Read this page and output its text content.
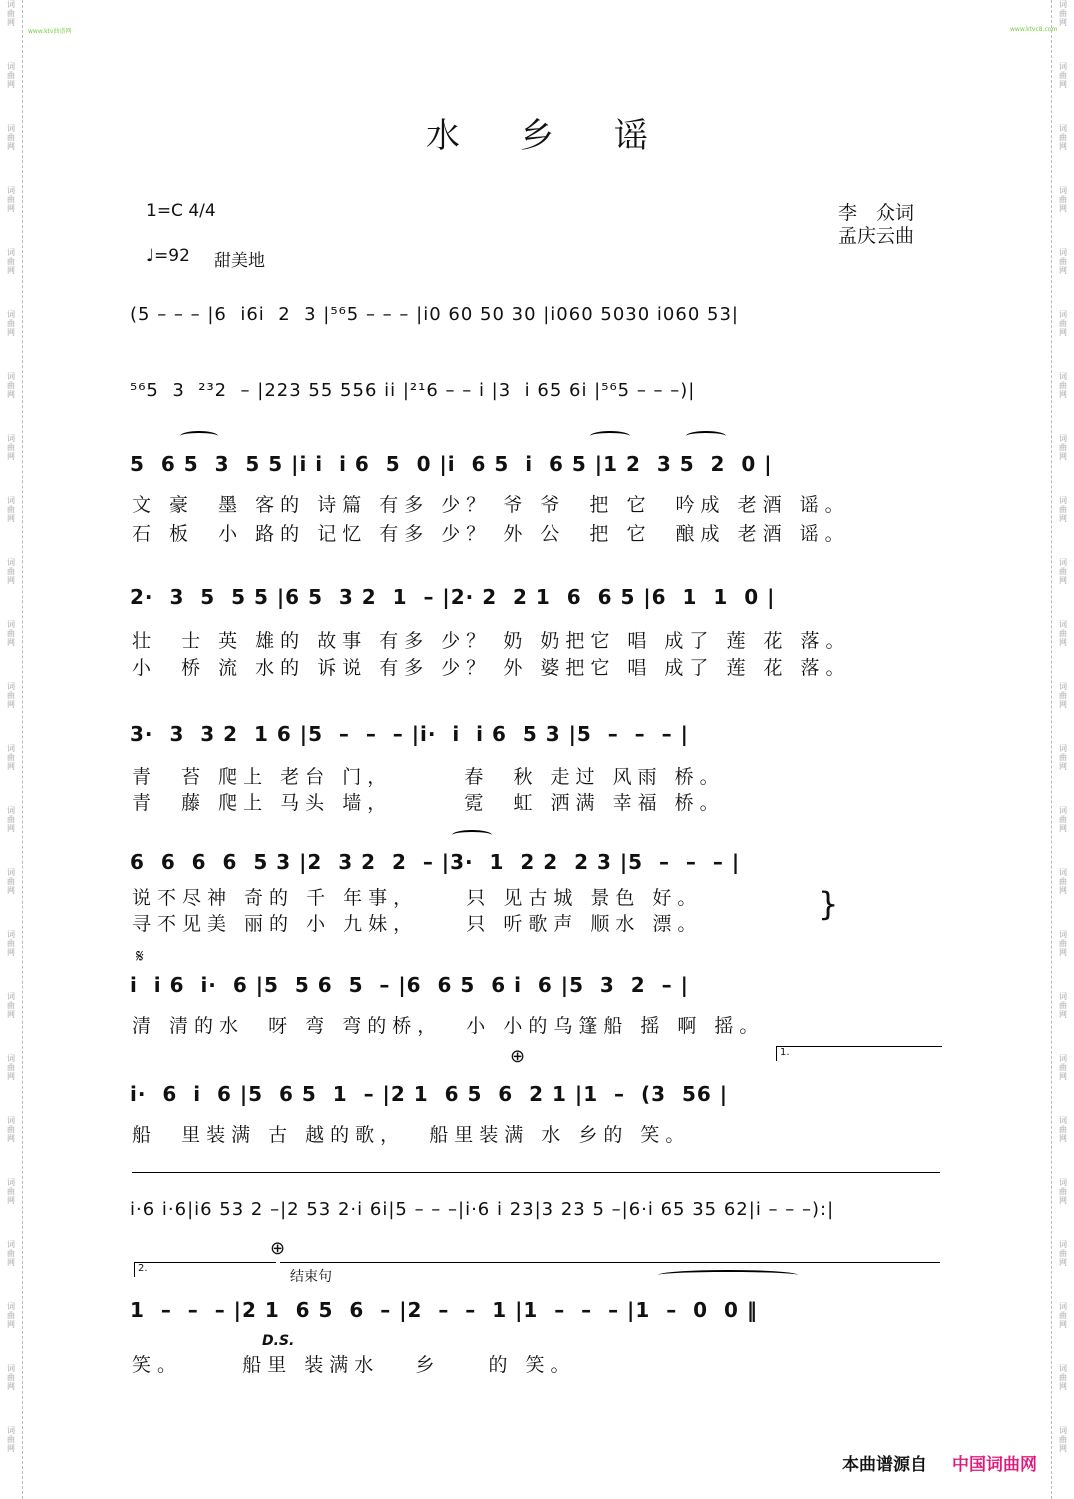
词
曲
网
词
曲
网
词
曲
网
词
曲
网
词
曲
网
词
曲
网
词
曲
网
词
曲
网
词
曲
网
词
曲
网
词
曲
网
词
曲
网
词
曲
网
词
曲
网
词
曲
网
词
曲
网
词
曲
网
词
曲
网
词
曲
网
词
曲
网
词
曲
网
词
曲
网
词
曲
网
词
曲
网
词
曲
网
词
曲
网
词
曲
网
词
曲
网
词
曲
网
词
曲
网
词
曲
网
词
曲
网
词
曲
网
词
曲
网
词
曲
网
词
曲
网
词
曲
网
词
曲
网
词
曲
网
词
曲
网
词
曲
网
词
曲
网
词
曲
网
词
曲
网
词
曲
网
词
曲
网
词
曲
网
词
曲
网
www.ktv曲谱网	www.ktvc8.com
水乡谣
1=C 4/4
♩=92 甜美地
李　众词
孟庆云曲
(5 – – – |6  i6i  2  3 |⁵⁶5 – – – |i0 60 50 30 |i060 5030 i060 53|
⁵⁶5  3  ²³2  – |223 55 556 ii |²¹6 – – i |3  i 65 6i |⁵⁶5 – – –)|
5  6 5  3  5 5 |i i  i 6  5  0 |i  6 5  i  6 5 |1 2  3 5  2  0 |
2·  3  5  5 5 |6 5  3 2  1  – |2· 2  2 1  6  6 5 |6  1  1  0 |
3·  3  3 2  1 6 |5  –  –  – |i·  i  i 6  5 3 |5  –  –  – |
6  6  6  6  5 3 |2  3 2  2  – |3·  1  2 2  2 3 |5  –  –  – |
i  i 6  i·  6 |5  5 6  5  – |6  6 5  6 i  6 |5  3  2  – |
i·  6  i  6 |5  6 5  1  – |2 1  6 5  6  2 1 |1  –  (3  56 |
i·6 i·6|i6 53 2 –|2 53 2·i 6i|5 – – –|i·6 i 23|3 23 5 –|6·i 65 35 62|i – – –):|
1  –  –  – |2 1  6 5  6  – |2  –  –  1 |1  –  –  – |1  –  0  0 ‖
文 豪  墨 客的 诗篇 有多 少？ 爷 爷  把 它  吟成 老酒 谣。
石 板  小 路的 记忆 有多 少？ 外 公  把 它  酿成 老酒 谣。
壮  士 英 雄的 故事 有多 少？ 奶 奶把它 唱 成了 莲 花 落。
小  桥 流 水的 诉说 有多 少？ 外 婆把它 唱 成了 莲 花 落。
青  苔 爬上 老台 门，      春  秋 走过 风雨 桥。
青  藤 爬上 马头 墙，      霓  虹 洒满 幸福 桥。
说不尽神 奇的 千 年事，    只 见古城 景色 好。
寻不见美 丽的 小 九妹，    只 听歌声 顺水 漂。
}
清 清的水  呀 弯 弯的桥，  小 小的乌篷船 摇 啊 摇。
船  里装满 古 越的歌，  船里装满 水 乡的 笑。
笑。     船里 装满水   乡    的 笑。
𝄋
⊕
⊕
1.
2.
D.S.
结束句
本曲谱源自 中国词曲网
